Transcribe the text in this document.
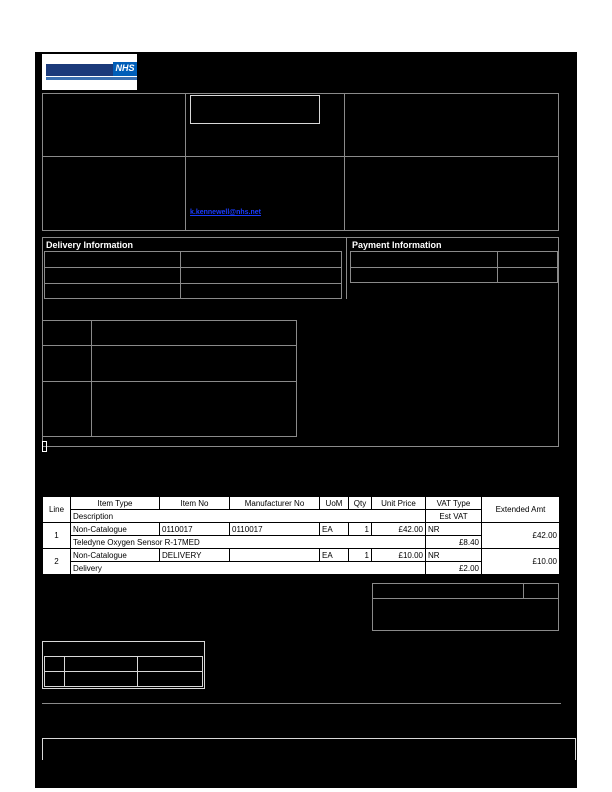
NHS
k.kennewell@nhs.net
Delivery Information	Payment Information
Line	Item Type	Item No	Manufacturer No	UoM	Qty	Unit Price	VAT Type	Extended Amt
	Description						Est VAT	
1	Non-Catalogue	0110017	0110017	EA	1	£42.00	NR	£42.00
	Teledyne Oxygen Sensor R-17MED						£8.40	
2	Non-Catalogue	DELIVERY		EA	1	£10.00	NR	£10.00
	Delivery						£2.00	
